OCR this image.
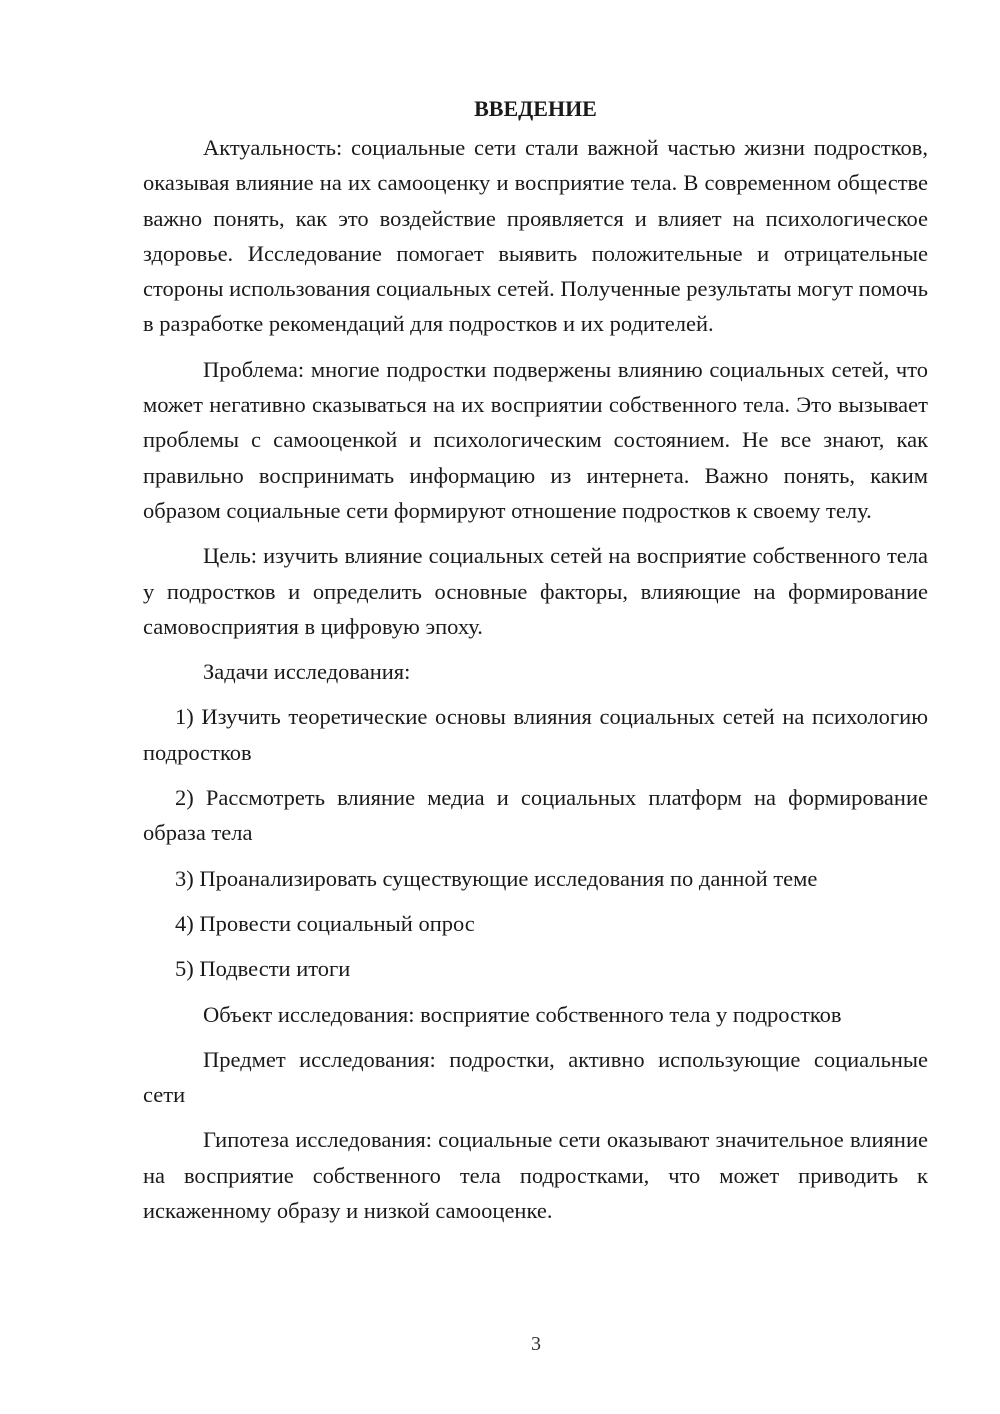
ВВЕДЕНИЕ

Актуальность: социальные сети стали важной частью жизни подростков, оказывая влияние на их самооценку и восприятие тела. В современном обществе важно понять, как это воздействие проявляется и влияет на психологическое здоровье. Исследование помогает выявить положительные и отрицательные стороны использования социальных сетей. Полученные результаты могут помочь в разработке рекомендаций для подростков и их родителей.

Проблема: многие подростки подвержены влиянию социальных сетей, что может негативно сказываться на их восприятии собственного тела. Это вызывает проблемы с самооценкой и психологическим состоянием. Не все знают, как правильно воспринимать информацию из интернета. Важно понять, каким образом социальные сети формируют отношение подростков к своему телу.

Цель: изучить влияние социальных сетей на восприятие собственного тела у подростков и определить основные факторы, влияющие на формирование самовосприятия в цифровую эпоху.

Задачи исследования:

1) Изучить теоретические основы влияния социальных сетей на психологию подростков

2) Рассмотреть влияние медиа и социальных платформ на формирование образа тела

3) Проанализировать существующие исследования по данной теме

4) Провести социальный опрос

5) Подвести итоги

Объект исследования: восприятие собственного тела у подростков

Предмет исследования: подростки, активно использующие социальные сети

Гипотеза исследования: социальные сети оказывают значительное влияние на восприятие собственного тела подростками, что может приводить к искаженному образу и низкой самооценке.

3
